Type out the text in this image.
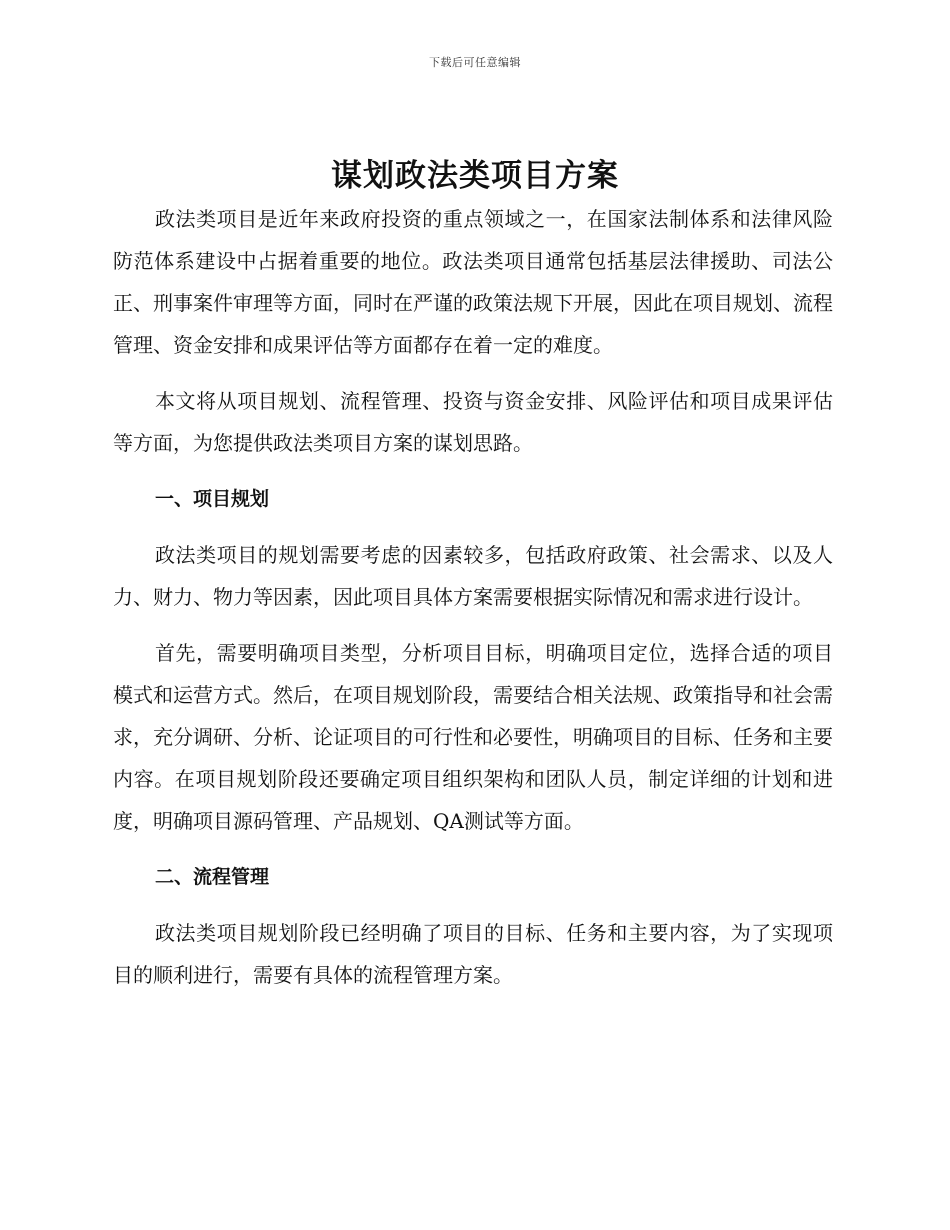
下载后可任意编辑
谋划政法类项目方案

政法类项目是近年来政府投资的重点领域之一，在国家法制体系和法律风险防范体系建设中占据着重要的地位。政法类项目通常包括基层法律援助、司法公正、刑事案件审理等方面，同时在严谨的政策法规下开展，因此在项目规划、流程管理、资金安排和成果评估等方面都存在着一定的难度。

本文将从项目规划、流程管理、投资与资金安排、风险评估和项目成果评估等方面，为您提供政法类项目方案的谋划思路。

一、项目规划

政法类项目的规划需要考虑的因素较多，包括政府政策、社会需求、以及人力、财力、物力等因素，因此项目具体方案需要根据实际情况和需求进行设计。

首先，需要明确项目类型，分析项目目标，明确项目定位，选择合适的项目模式和运营方式。然后，在项目规划阶段，需要结合相关法规、政策指导和社会需求，充分调研、分析、论证项目的可行性和必要性，明确项目的目标、任务和主要内容。在项目规划阶段还要确定项目组织架构和团队人员，制定详细的计划和进度，明确项目源码管理、产品规划、QA测试等方面。

二、流程管理

政法类项目规划阶段已经明确了项目的目标、任务和主要内容，为了实现项目的顺利进行，需要有具体的流程管理方案。
